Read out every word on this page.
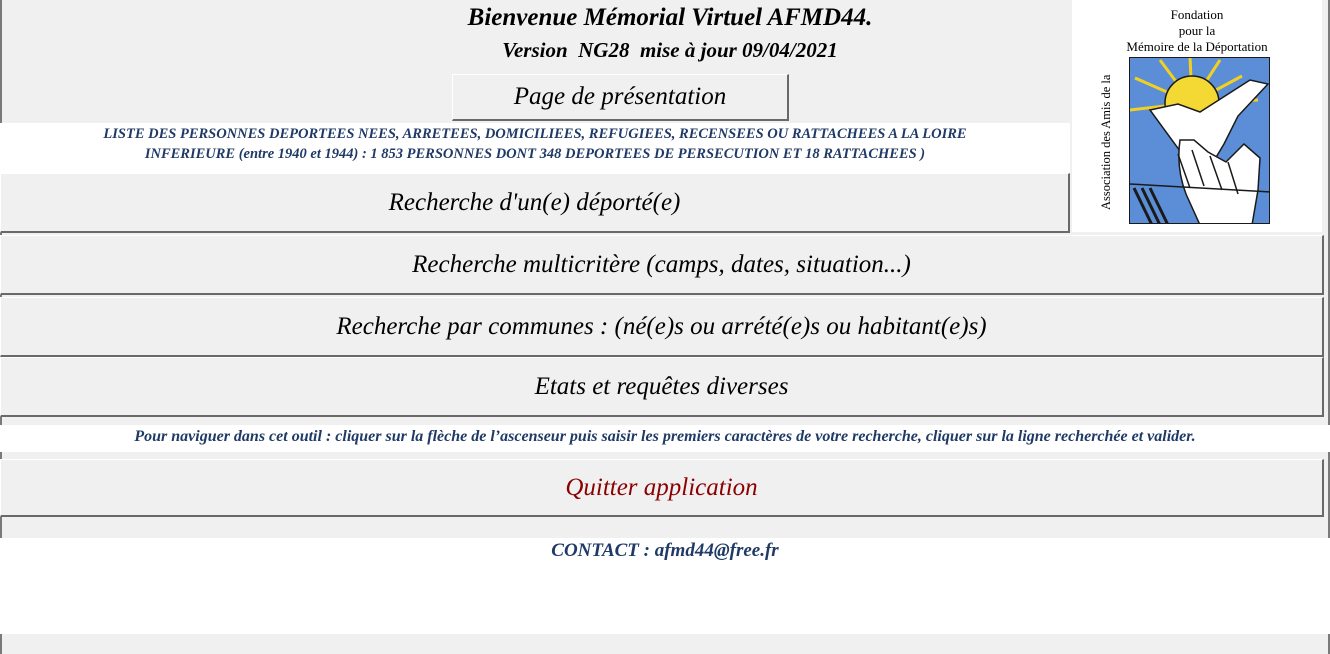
Bienvenue Mémorial Virtuel AFMD44.
Version  NG28  mise à jour 09/04/2021
Page de présentation
LISTE DES PERSONNES DEPORTEES NEES, ARRETEES, DOMICILIEES, REFUGIEES, RECENSEES OU RATTACHEES A LA LOIRE
INFERIEURE (entre 1940 et 1944) : 1 853 PERSONNES DONT 348 DEPORTEES DE PERSECUTION ET 18 RATTACHEES )
Recherche d'un(e) déporté(e)
Fondation
pour la
Mémoire de la Déportation
Association des Amis de la
Recherche multicritère (camps, dates, situation...)
Recherche par communes : (né(e)s ou arrété(e)s ou habitant(e)s)
Etats et requêtes diverses
Pour naviguer dans cet outil : cliquer sur la flèche de l’ascenseur puis saisir les premiers caractères de votre recherche, cliquer sur la ligne recherchée et valider.
Quitter application
CONTACT : afmd44@free.fr
